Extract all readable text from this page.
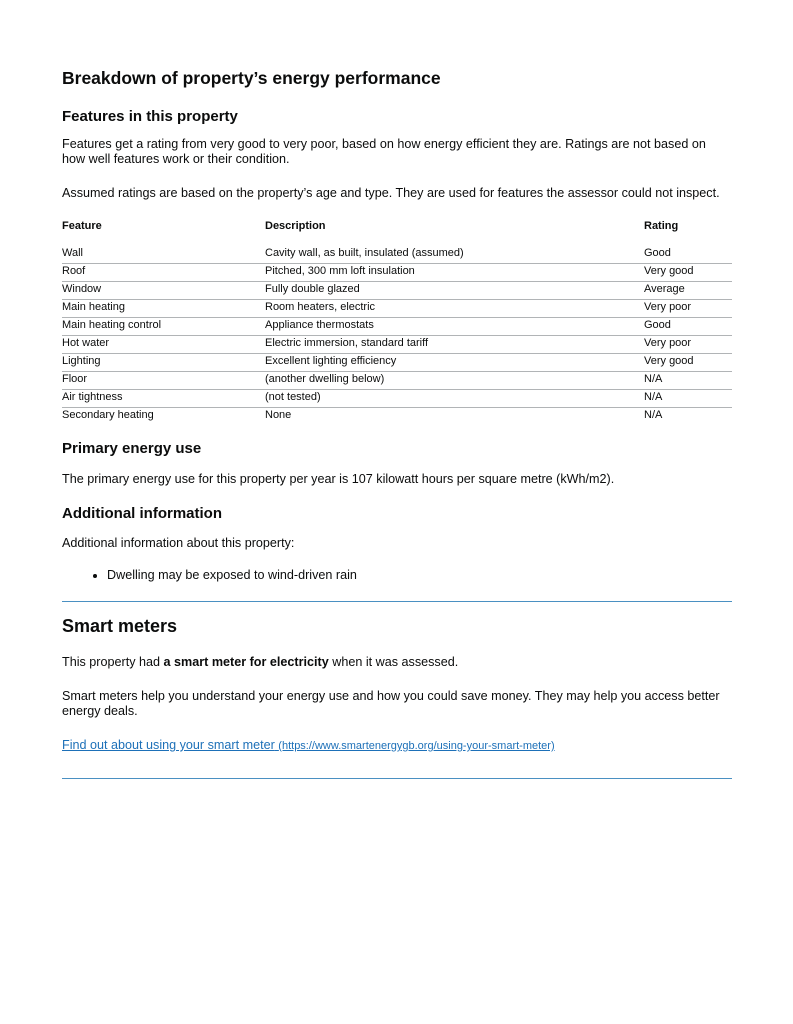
Breakdown of property’s energy performance
Features in this property

Features get a rating from very good to very poor, based on how energy efficient they are. Ratings are not based on how well features work or their condition.

Assumed ratings are based on the property’s age and type. They are used for features the assessor could not inspect.

Feature	Description	Rating
Wall	Cavity wall, as built, insulated (assumed)	Good
Roof	Pitched, 300 mm loft insulation	Very good
Window	Fully double glazed	Average
Main heating	Room heaters, electric	Very poor
Main heating control	Appliance thermostats	Good
Hot water	Electric immersion, standard tariff	Very poor
Lighting	Excellent lighting efficiency	Very good
Floor	(another dwelling below)	N/A
Air tightness	(not tested)	N/A
Secondary heating	None	N/A
Primary energy use

The primary energy use for this property per year is 107 kilowatt hours per square metre (kWh/m2).

Additional information

Additional information about this property:

• Dwelling may be exposed to wind-driven rain
Smart meters

This property had a smart meter for electricity when it was assessed.

Smart meters help you understand your energy use and how you could save money. They may help you access better energy deals.

Find out about using your smart meter (https://www.smartenergygb.org/using-your-smart-meter)
